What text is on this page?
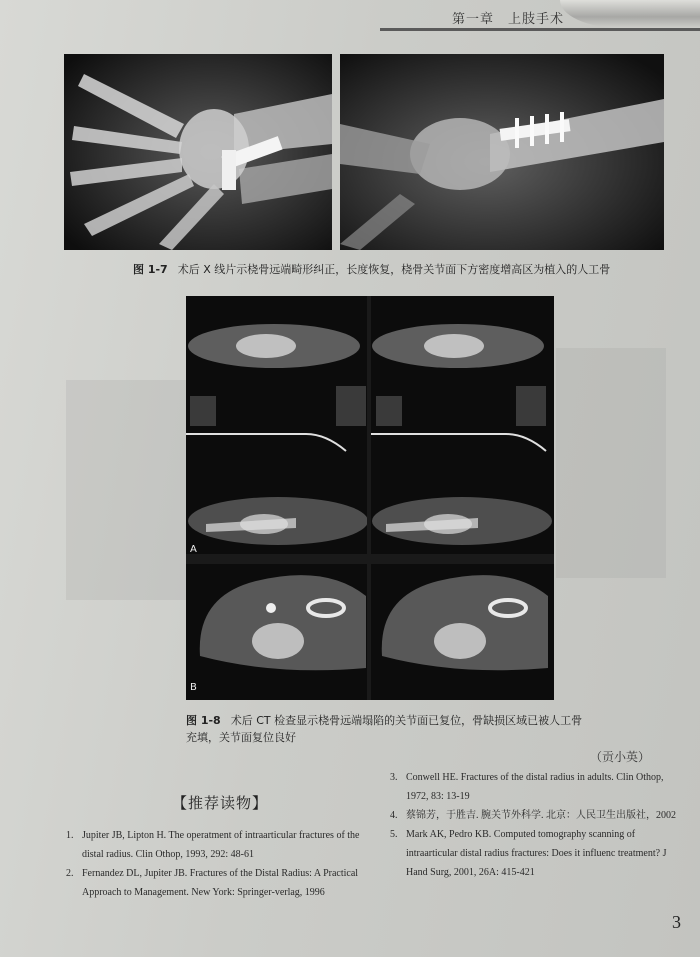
第一章　上肢手术
图 1-7 术后 X 线片示桡骨远端畸形纠正，长度恢复，桡骨关节面下方密度增高区为植入的人工骨
A
B
图 1-8 术后 CT 检查显示桡骨远端塌陷的关节面已复位，骨缺损区域已被人工骨充填，关节面复位良好
（贡小英）
【推荐读物】
1. Jupiter JB, Lipton H. The operatment of intraarticular fractures of the distal radius. Clin Othop, 1993, 292: 48-61
2. Fernandez DL, Jupiter JB. Fractures of the Distal Radius: A Practical Approach to Management. New York: Springer-verlag, 1996
3. Conwell HE. Fractures of the distal radius in adults. Clin Othop, 1972, 83: 13-19
4. 蔡锦芳，于胜吉. 腕关节外科学. 北京：人民卫生出版社，2002
5. Mark AK, Pedro KB. Computed tomography scanning of intraarticular distal radius fractures: Does it influenc treatment? J Hand Surg, 2001, 26A: 415-421
3
